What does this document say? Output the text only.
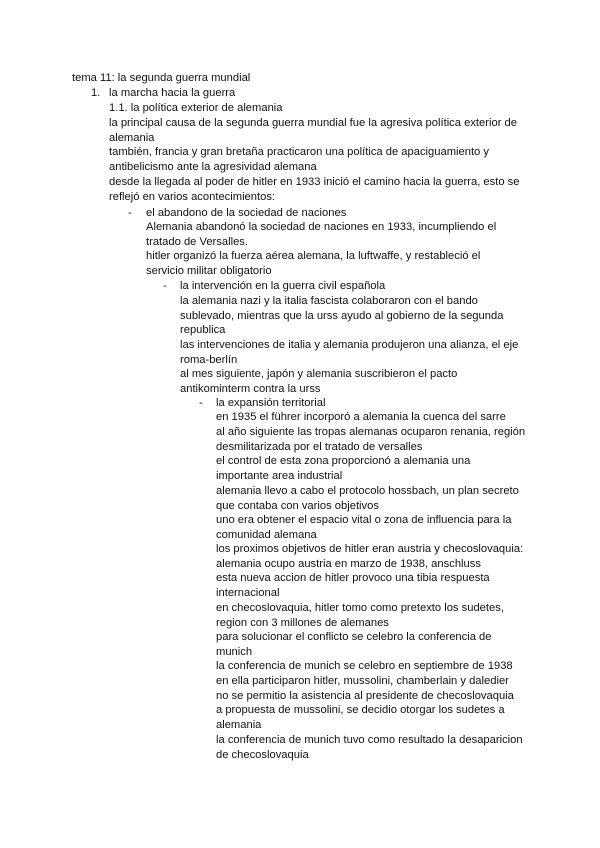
tema 11: la segunda guerra mundial
1. la marcha hacia la guerra
1.1. la política exterior de alemania
la principal causa de la segunda guerra mundial fue la agresiva política exterior de alemania
también, francia y gran bretaña practicaron una política de apaciguamiento y antibelicismo ante la agresividad alemana
desde la llegada al poder de hitler en 1933 inició el camino hacia la guerra, esto se reflejó en varios acontecimientos:
- el abandono de la sociedad de naciones
Alemania abandonó la sociedad de naciones en 1933, incumpliendo el tratado de Versalles.
hitler organizó la fuerza aérea alemana, la luftwaffe, y restableció el servicio militar obligatorio
- la intervención en la guerra civil española
la alemania nazi y la italia fascista colaboraron con el bando sublevado, mientras que la urss ayudo al gobierno de la segunda republica
las intervenciones de italia y alemania produjeron una alianza, el eje roma-berlín
al mes siguiente, japón y alemania suscribieron el pacto antikominterm contra la urss
- la expansión territorial
en 1935 el führer incorporó a alemania la cuenca del sarre
al año siguiente las tropas alemanas ocuparon renania, región desmilitarizada por el tratado de versalles
el control de esta zona proporcionó a alemania una importante area industrial
alemania llevo a cabo el protocolo hossbach, un plan secreto que contaba con varios objetivos
uno era obtener el espacio vital o zona de influencia para la comunidad alemana
los proximos objetivos de hitler eran austria y checoslovaquia:
alemania ocupo austria en marzo de 1938, anschluss
esta nueva accion de hitler provoco una tibia respuesta internacional
en checoslovaquia, hitler tomo como pretexto los sudetes, region con 3 millones de alemanes
para solucionar el conflicto se celebro la conferencia de munich
la conferencia de munich se celebro en septiembre de 1938
en ella participaron hitler, mussolini, chamberlain y daledier
no se permitio la asistencia al presidente de checoslovaquia
a propuesta de mussolini, se decidio otorgar los sudetes a alemania
la conferencia de munich tuvo como resultado la desaparicion de checoslovaquia
